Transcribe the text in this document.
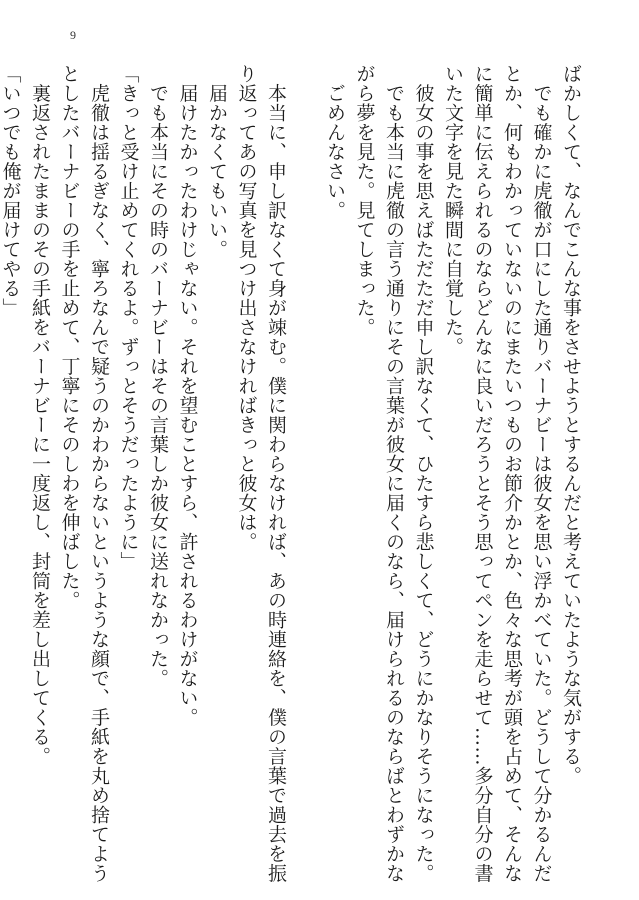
9
ばかしくて、なんでこんな事をさせようとするんだと考えていたような気がする。
　でも確かに虎徹が口にした通りバーナビーは彼女を思い浮かべていた。どうして分かるんだ
とか、何もわかっていないのにまたいつものお節介かとか、色々な思考が頭を占めて、そんな
に簡単に伝えられるのならどんなに良いだろうとそう思ってペンを走らせて……多分自分の書
いた文字を見た瞬間に自覚した。
　彼女の事を思えばただただ申し訳なくて、ひたすら悲しくて、どうにかなりそうになった。
　でも本当に虎徹の言う通りにその言葉が彼女に届くのなら、届けられるのならばとわずかな
がら夢を見た。見てしまった。
　ごめんなさい。

　本当に、申し訳なくて身が竦む。僕に関わらなければ、あの時連絡を、僕の言葉で過去を振
り返ってあの写真を見つけ出さなければきっと彼女は。
　届かなくてもいい。
　届けたかったわけじゃない。それを望むことすら、許されるわけがない。
　でも本当にその時のバーナビーはその言葉しか彼女に送れなかった。
「きっと受け止めてくれるよ。ずっとそうだったように」
　虎徹は揺るぎなく、寧ろなんで疑うのかわからないというような顔で、手紙を丸め捨てよう
としたバーナビーの手を止めて、丁寧にそのしわを伸ばした。
　裏返されたままのその手紙をバーナビーに一度返し、封筒を差し出してくる。
「いつでも俺が届けてやる」
